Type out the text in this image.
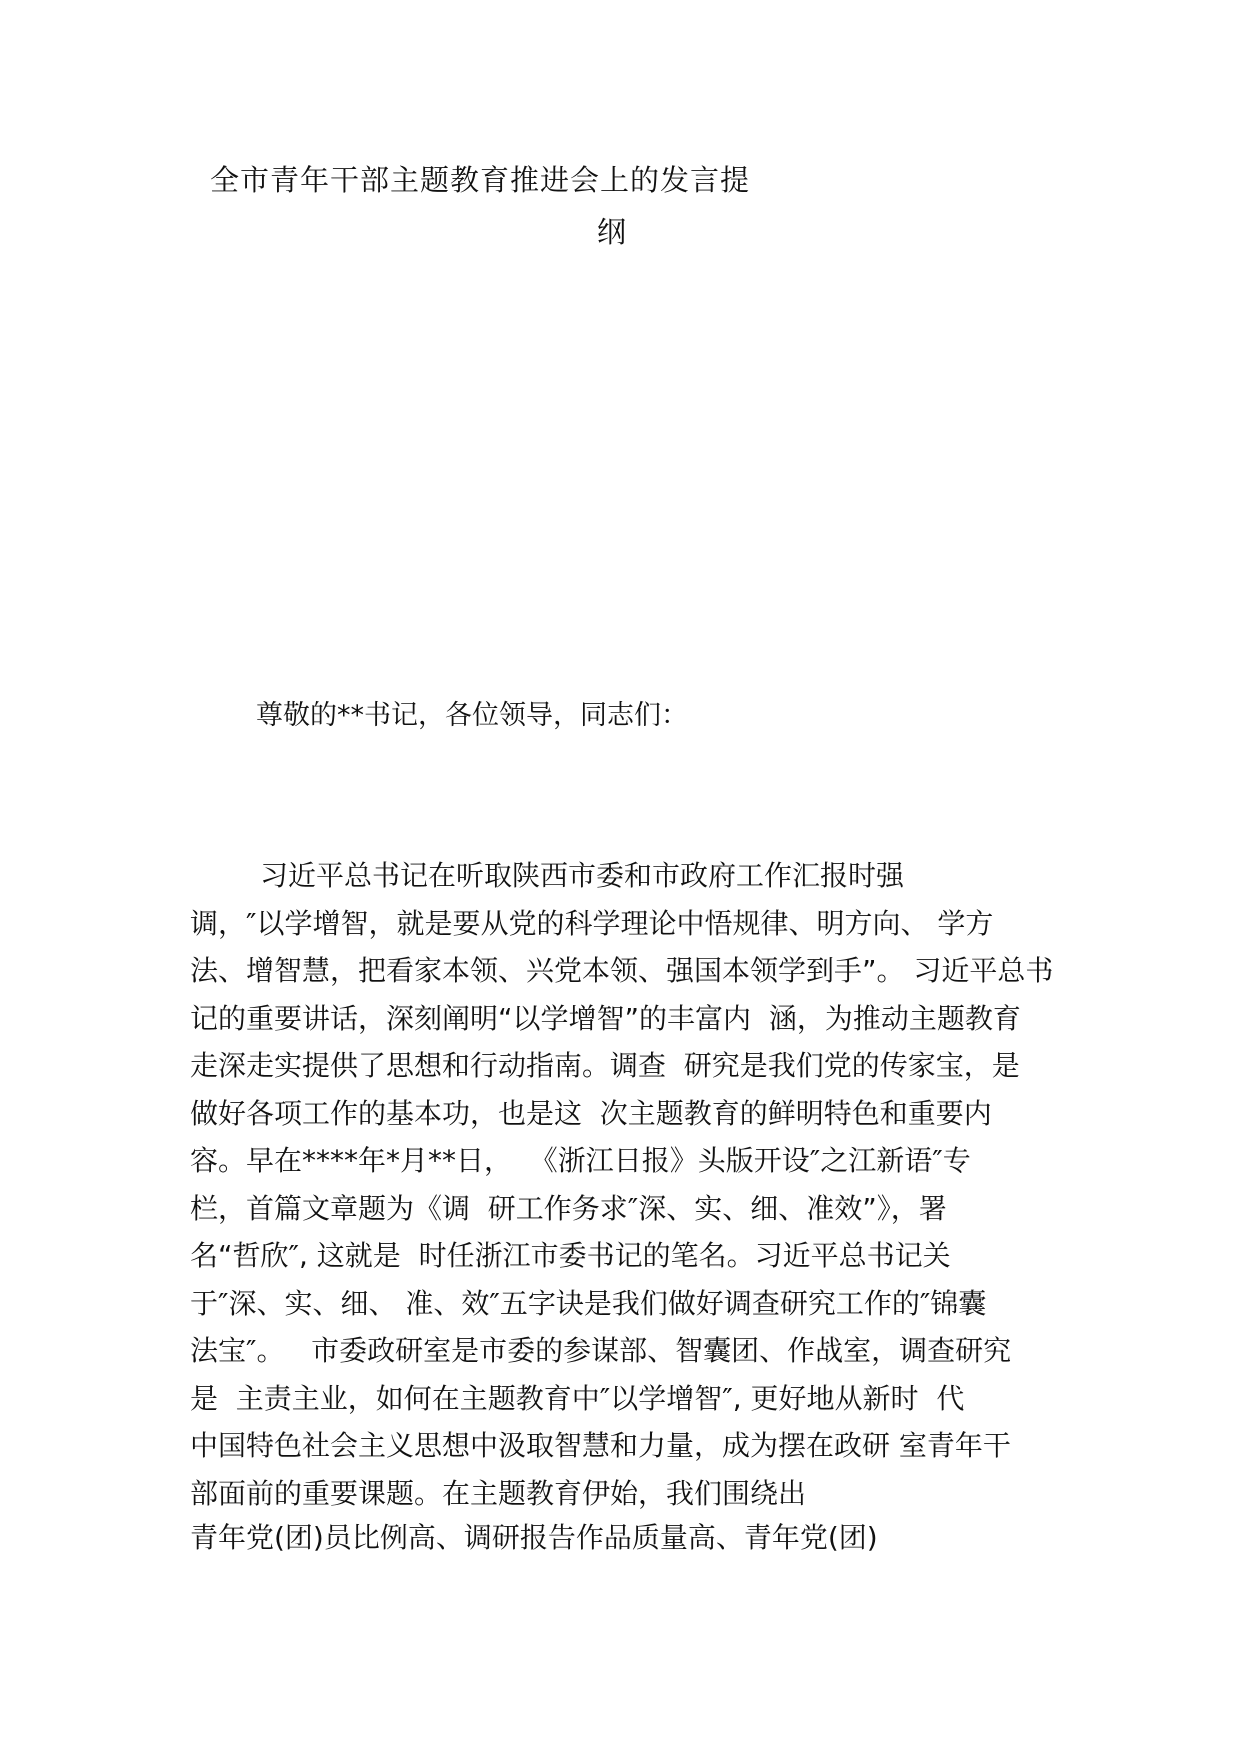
全市青年干部主题教育推进会上的发言提
纲
尊敬的**书记，各位领导，同志们：
习近平总书记在听取陕西市委和市政府工作汇报时强
调，″以学增智，就是要从党的科学理论中悟规律、明方向、 学方
法、增智慧，把看家本领、兴党本领、强国本领学到手”。 习近平总书
记的重要讲话，深刻阐明“以学增智”的丰富内  涵，为推动主题教育
走深走实提供了思想和行动指南。调查  研究是我们党的传家宝，是
做好各项工作的基本功，也是这  次主题教育的鲜明特色和重要内
容。早在****年*月**日，  《浙江日报》头版开设″之江新语″专
栏，首篇文章题为《调  研工作务求″深、实、细、准效”》，署
名“哲欣″, 这就是  时任浙江市委书记的笔名。习近平总书记关
于″深、实、细、 准、效″五字诀是我们做好调查研究工作的″锦囊
法宝″。   市委政研室是市委的参谋部、智囊团、作战室，调查研究
是  主责主业，如何在主题教育中″以学增智″, 更好地从新时  代
中国特色社会主义思想中汲取智慧和力量，成为摆在政研 室青年干
部面前的重要课题。在主题教育伊始，我们围绕出
青年党(团)员比例高、调研报告作品质量高、青年党(团)
